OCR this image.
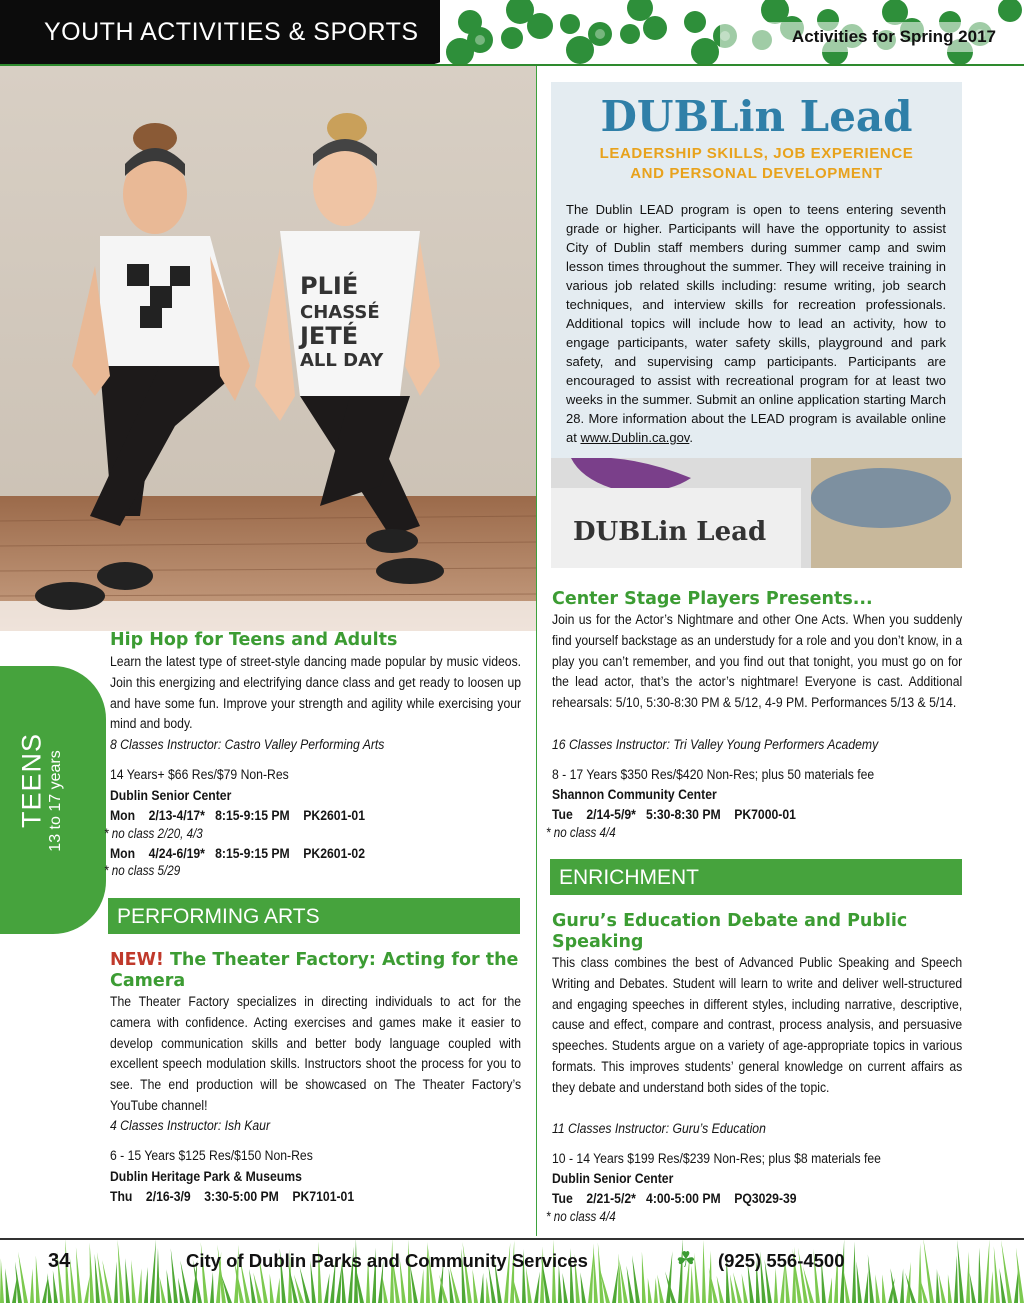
YOUTH ACTIVITIES & SPORTS	Activities for Spring 2017
PLIÉ
CHASSÉ
JETÉ
ALL DAY
DUBLin Lead
LEADERSHIP SKILLS, JOB EXPERIENCE
AND PERSONAL DEVELOPMENT
The Dublin LEAD program is open to teens entering seventh grade or higher. Participants will have the opportunity to assist City of Dublin staff members during summer camp and swim lesson times throughout the summer. They will receive training in various job related skills including: resume writing, job search techniques, and interview skills for recreation professionals. Additional topics will include how to lead an activity, how to engage participants, water safety skills, playground and park safety, and supervising camp participants. Participants are encouraged to assist with recreational program for at least two weeks in the summer. Submit an online application starting March 28. More information about the LEAD program is available online at www.Dublin.ca.gov.
DUBLin Lead
TEENS 13 to 17 years
Hip Hop for Teens and Adults
Learn the latest type of street-style dancing made popular by music videos. Join this energizing and electrifying dance class and get ready to loosen up and have some fun. Improve your strength and agility while exercising your mind and body.
8 Classes Instructor: Castro Valley Performing Arts
14 Years+ $66 Res/$79 Non-Res
Dublin Senior Center
Mon    2/13-4/17*   8:15-9:15 PM    PK2601-01
* no class 2/20, 4/3
Mon    4/24-6/19*   8:15-9:15 PM    PK2601-02
* no class 5/29
PERFORMING ARTS
NEW! The Theater Factory: Acting for the Camera
The Theater Factory specializes in directing individuals to act for the camera with confidence. Acting exercises and games make it easier to develop communication skills and better body language coupled with excellent speech modulation skills. Instructors shoot the process for you to see. The end production will be showcased on The Theater Factory’s YouTube channel!
4 Classes Instructor: Ish Kaur
6 - 15 Years $125 Res/$150 Non-Res
Dublin Heritage Park & Museums
Thu    2/16-3/9    3:30-5:00 PM    PK7101-01
Center Stage Players Presents...
Join us for the Actor’s Nightmare and other One Acts. When you suddenly find yourself backstage as an understudy for a role and you don’t know, in a play you can’t remember, and you find out that tonight, you must go on for the lead actor, that’s the actor’s nightmare! Everyone is cast. Additional rehearsals: 5/10, 5:30-8:30 PM & 5/12, 4-9 PM. Performances 5/13 & 5/14.
16 Classes Instructor: Tri Valley Young Performers Academy
8 - 17 Years $350 Res/$420 Non-Res; plus 50 materials fee
Shannon Community Center
Tue    2/14-5/9*   5:30-8:30 PM    PK7000-01
* no class 4/4
ENRICHMENT
Guru’s Education Debate and Public Speaking
This class combines the best of Advanced Public Speaking and Speech Writing and Debates. Student will learn to write and deliver well-structured and engaging speeches in different styles, including narrative, descriptive, cause and effect, compare and contrast, process analysis, and persuasive speeches. Students argue on a variety of age-appropriate topics in various formats. This improves students’ general knowledge on current affairs as they debate and understand both sides of the topic.
11 Classes Instructor: Guru’s Education
10 - 14 Years $199 Res/$239 Non-Res; plus $8 materials fee
Dublin Senior Center
Tue    2/21-5/2*   4:00-5:00 PM    PQ3029-39
* no class 4/4
34	City of Dublin Parks and Community Services	☘ (925) 556-4500
